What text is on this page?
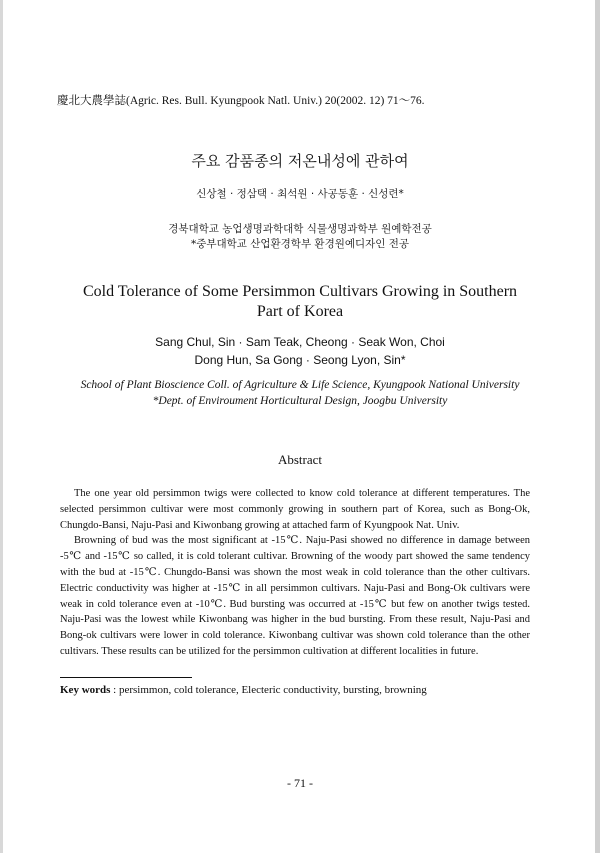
慶北大農學誌(Agric. Res. Bull. Kyungpook Natl. Univ.) 20(2002. 12) 71～76.
주요 감품종의 저온내성에 관하여
신상철 · 정삼택 · 최석원 · 사공동훈 · 신성련*
경북대학교 농업생명과학대학 식물생명과학부 원예학전공
*중부대학교 산업환경학부 환경원예디자인 전공
Cold Tolerance of Some Persimmon Cultivars Growing in Southern
Part of Korea
Sang Chul, Sin · Sam Teak, Cheong · Seak Won, Choi
Dong Hun, Sa Gong · Seong Lyon, Sin*
School of Plant Bioscience Coll. of Agriculture & Life Science, Kyungpook National University
*Dept. of Enviroument Horticultural Design, Joogbu University
Abstract

The one year old persimmon twigs were collected to know cold tolerance at different temperatures. The selected persimmon cultivar were most commonly growing in southern part of Korea, such as Bong-Ok, Chungdo-Bansi, Naju-Pasi and Kiwonbang growing at attached farm of Kyungpook Nat. Univ.

Browning of bud was the most significant at -15℃. Naju-Pasi showed no difference in damage between -5℃ and -15℃ so called, it is cold tolerant cultivar. Browning of the woody part showed the same tendency with the bud at -15℃. Chungdo-Bansi was shown the most weak in cold tolerance than the other cultivars. Electric conductivity was higher at -15℃ in all persimmon cultivars. Naju-Pasi and Bong-Ok cultivars were weak in cold tolerance even at -10℃. Bud bursting was occurred at -15℃ but few on another twigs tested. Naju-Pasi was the lowest while Kiwonbang was higher in the bud bursting. From these result, Naju-Pasi and Bong-ok cultivars were lower in cold tolerance. Kiwonbang cultivar was shown cold tolerance than the other cultivars. These results can be utilized for the persimmon cultivation at different localities in future.

Key words : persimmon, cold tolerance, Electeric conductivity, bursting, browning
- 71 -
